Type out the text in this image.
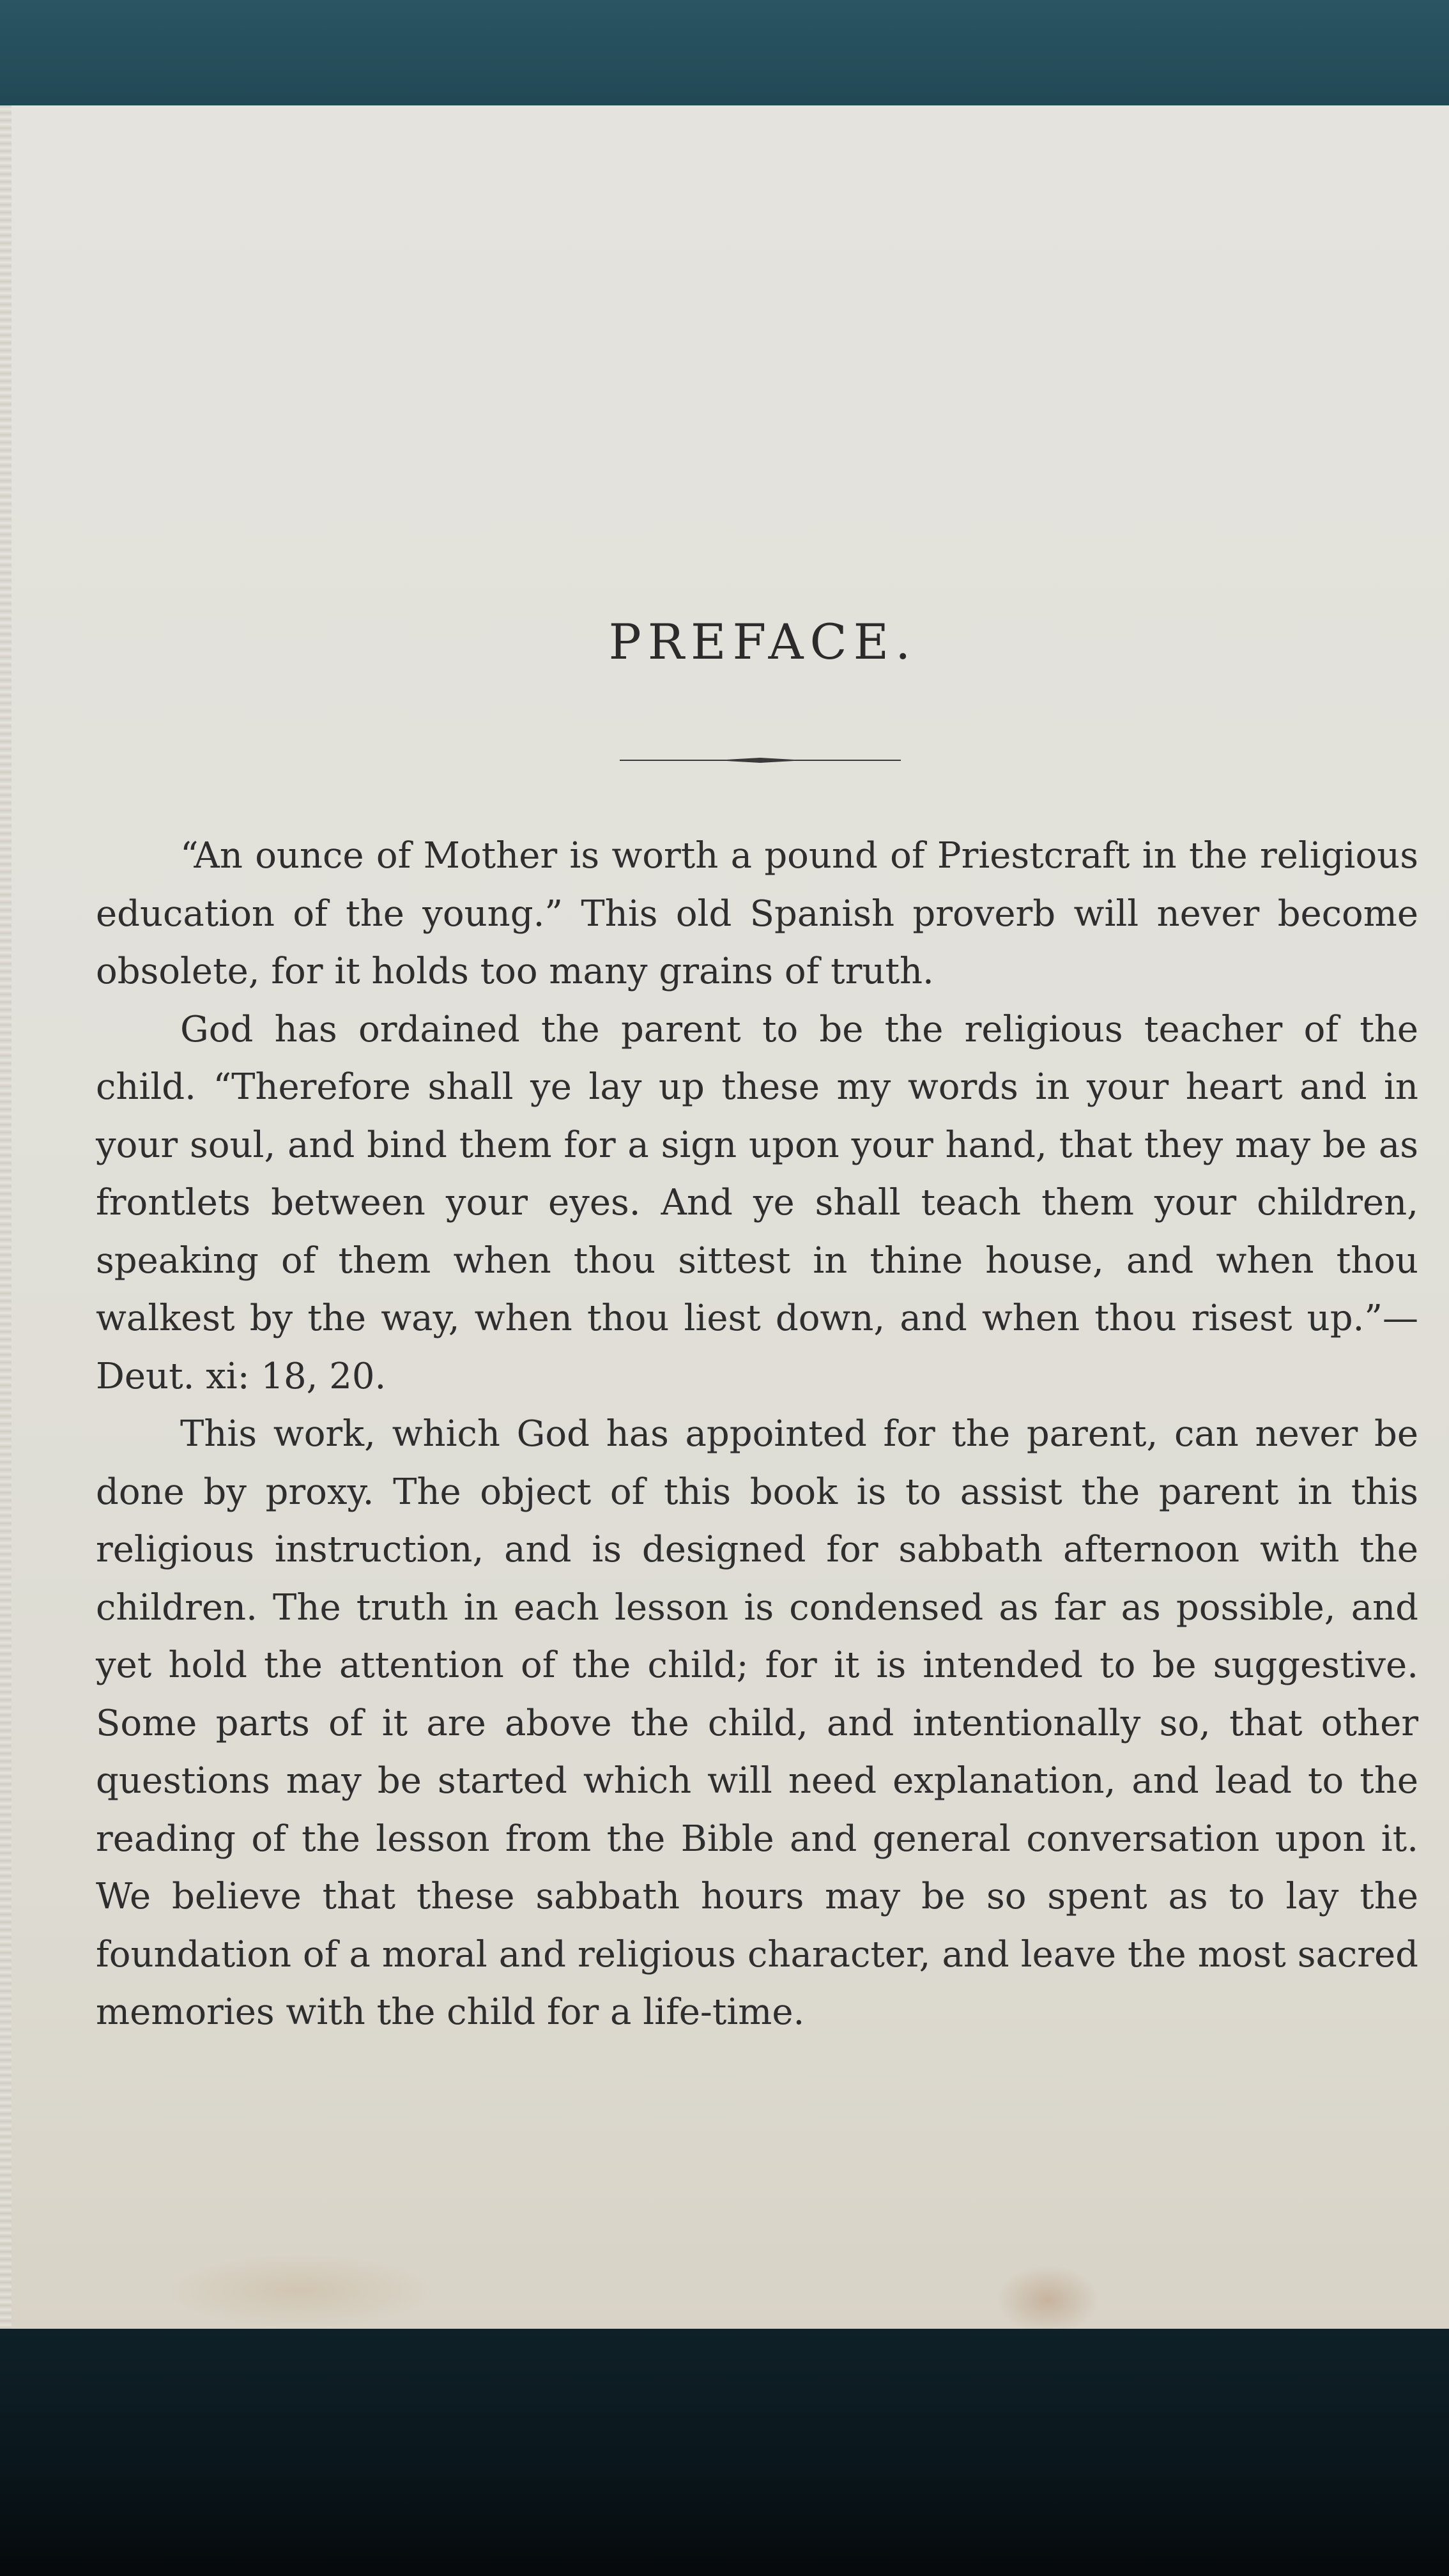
PREFACE.

“An ounce of Mother is worth a pound of Priestcraft in the religious education of the young.” This old Spanish proverb will never become obsolete, for it holds too many grains of truth.

God has ordained the parent to be the religious teacher of the child. “Therefore shall ye lay up these my words in your heart and in your soul, and bind them for a sign upon your hand, that they may be as frontlets between your eyes. And ye shall teach them your children, speaking of them when thou sittest in thine house, and when thou walkest by the way, when thou liest down, and when thou risest up.”— Deut. xi: 18, 20.

This work, which God has appointed for the parent, can never be done by proxy. The object of this book is to assist the parent in this religious instruction, and is designed for sabbath afternoon with the children. The truth in each lesson is condensed as far as possible, and yet hold the attention of the child; for it is intended to be suggestive. Some parts of it are above the child, and intentionally so, that other questions may be started which will need explanation, and lead to the reading of the lesson from the Bible and general conversation upon it. We believe that these sabbath hours may be so spent as to lay the foundation of a moral and religious character, and leave the most sacred memories with the child for a life-time.
